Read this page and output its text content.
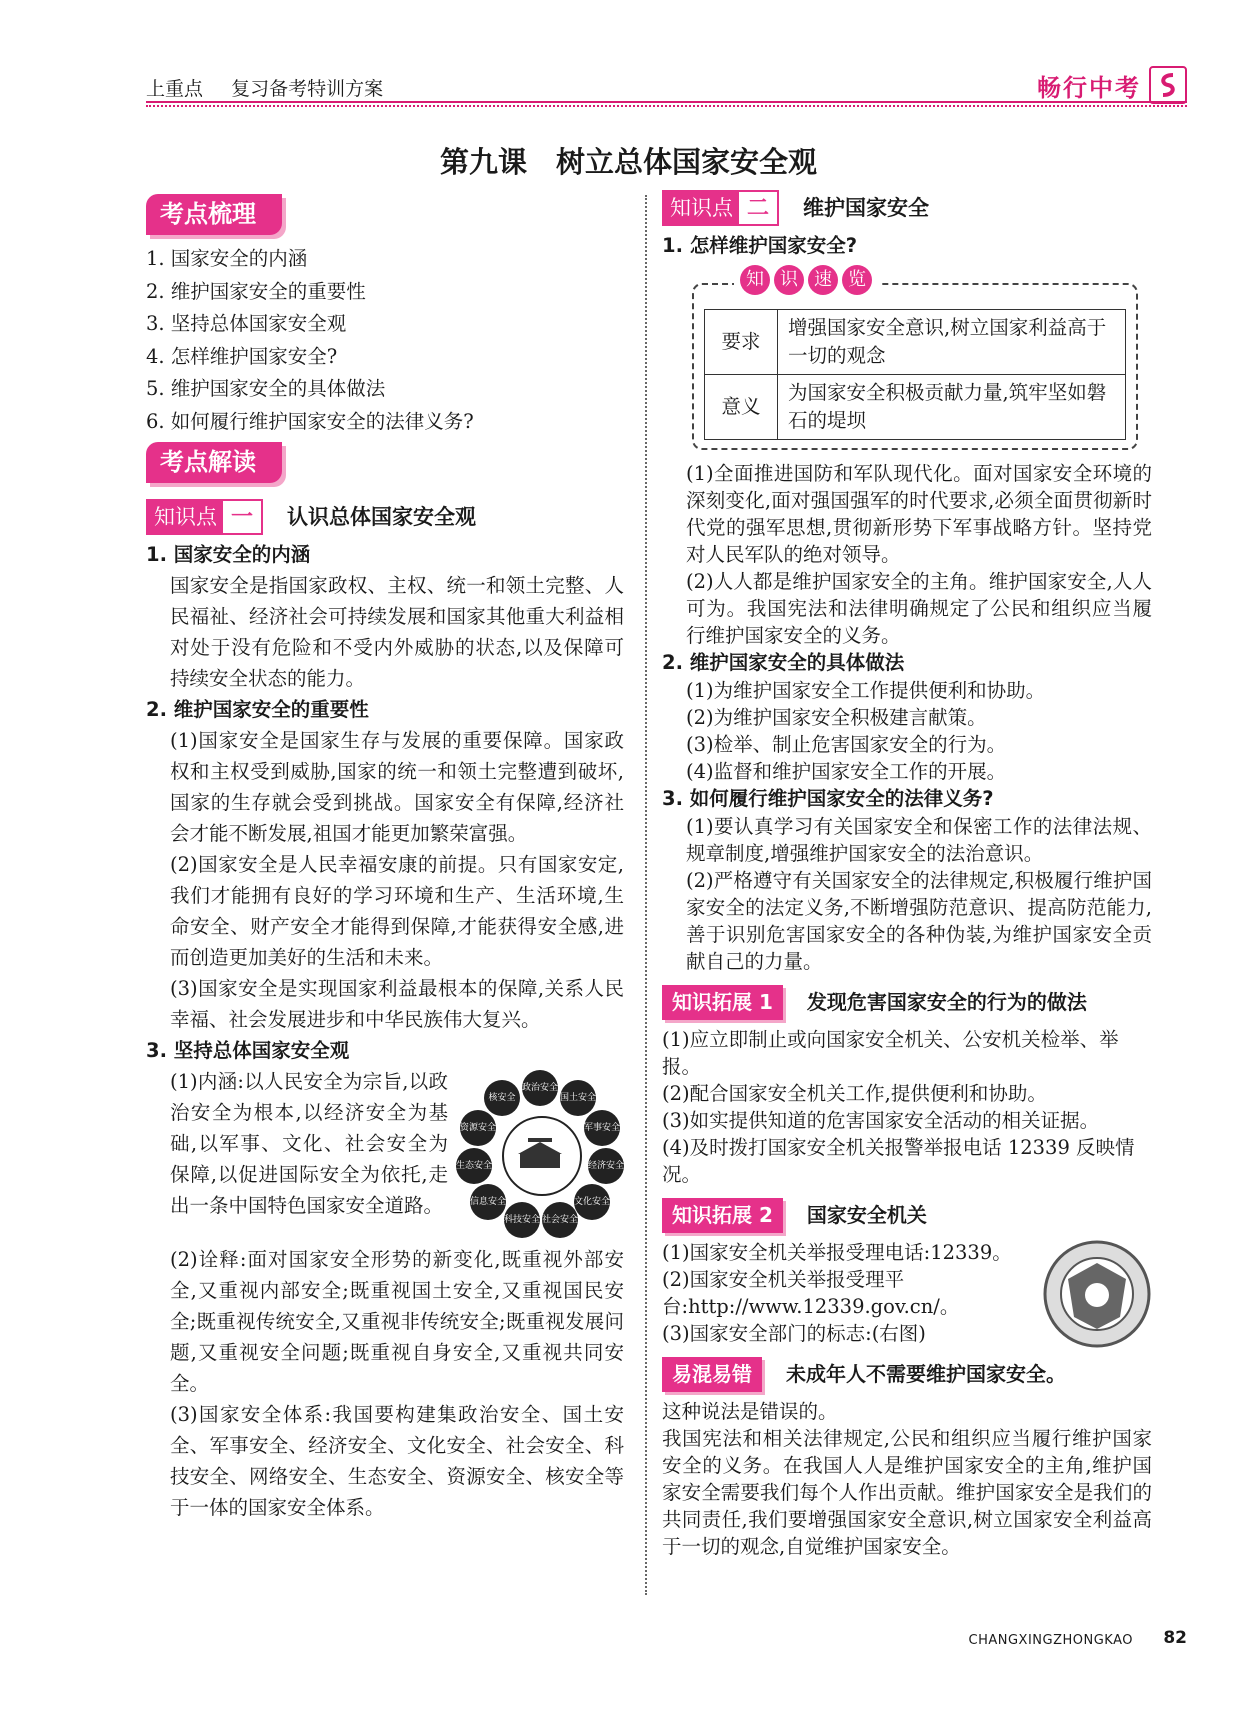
上重点 复习备考特训方案	畅行中考
第九课　树立总体国家安全观
考点梳理
1. 国家安全的内涵
2. 维护国家安全的重要性
3. 坚持总体国家安全观
4. 怎样维护国家安全?
5. 维护国家安全的具体做法
6. 如何履行维护国家安全的法律义务?
考点解读
知识点 一	认识总体国家安全观
1. 国家安全的内涵
国家安全是指国家政权、主权、统一和领土完整、人民福祉、经济社会可持续发展和国家其他重大利益相对处于没有危险和不受内外威胁的状态,以及保障可持续安全状态的能力。
2. 维护国家安全的重要性
(1)国家安全是国家生存与发展的重要保障。国家政权和主权受到威胁,国家的统一和领土完整遭到破坏,国家的生存就会受到挑战。国家安全有保障,经济社会才能不断发展,祖国才能更加繁荣富强。
(2)国家安全是人民幸福安康的前提。只有国家安定,我们才能拥有良好的学习环境和生产、生活环境,生命安全、财产安全才能得到保障,才能获得安全感,进而创造更加美好的生活和未来。
(3)国家安全是实现国家利益最根本的保障,关系人民幸福、社会发展进步和中华民族伟大复兴。
3. 坚持总体国家安全观
政治安全
国土安全
军事安全
经济安全
文化安全
社会安全
科技安全
信息安全
生态安全
资源安全
核安全
(1)内涵:以人民安全为宗旨,以政治安全为根本,以经济安全为基础,以军事、文化、社会安全为保障,以促进国际安全为依托,走出一条中国特色国家安全道路。
(2)诠释:面对国家安全形势的新变化,既重视外部安全,又重视内部安全;既重视国土安全,又重视国民安全;既重视传统安全,又重视非传统安全;既重视发展问题,又重视安全问题;既重视自身安全,又重视共同安全。
(3)国家安全体系:我国要构建集政治安全、国土安全、军事安全、经济安全、文化安全、社会安全、科技安全、网络安全、生态安全、资源安全、核安全等于一体的国家安全体系。
知识点 二	维护国家安全
1. 怎样维护国家安全?
知 识 速 览
要求	增强国家安全意识,树立国家利益高于一切的观念
意义	为国家安全积极贡献力量,筑牢坚如磐石的堤坝
(1)全面推进国防和军队现代化。面对国家安全环境的深刻变化,面对强国强军的时代要求,必须全面贯彻新时代党的强军思想,贯彻新形势下军事战略方针。坚持党对人民军队的绝对领导。
(2)人人都是维护国家安全的主角。维护国家安全,人人可为。我国宪法和法律明确规定了公民和组织应当履行维护国家安全的义务。
2. 维护国家安全的具体做法
(1)为维护国家安全工作提供便利和协助。
(2)为维护国家安全积极建言献策。
(3)检举、制止危害国家安全的行为。
(4)监督和维护国家安全工作的开展。
3. 如何履行维护国家安全的法律义务?
(1)要认真学习有关国家安全和保密工作的法律法规、规章制度,增强维护国家安全的法治意识。
(2)严格遵守有关国家安全的法律规定,积极履行维护国家安全的法定义务,不断增强防范意识、提高防范能力,善于识别危害国家安全的各种伪装,为维护国家安全贡献自己的力量。
知识拓展 1	发现危害国家安全的行为的做法
(1)应立即制止或向国家安全机关、公安机关检举、举报。
(2)配合国家安全机关工作,提供便利和协助。
(3)如实提供知道的危害国家安全活动的相关证据。
(4)及时拨打国家安全机关报警举报电话 12339 反映情况。
知识拓展 2	国家安全机关
(1)国家安全机关举报受理电话:12339。
(2)国家安全机关举报受理平台:http://www.12339.gov.cn/。
(3)国家安全部门的标志:(右图)
易混易错	未成年人不需要维护国家安全。
这种说法是错误的。
我国宪法和相关法律规定,公民和组织应当履行维护国家安全的义务。在我国人人是维护国家安全的主角,维护国家安全需要我们每个人作出贡献。维护国家安全是我们的共同责任,我们要增强国家安全意识,树立国家安全利益高于一切的观念,自觉维护国家安全。
CHANGXINGZHONGKAO 82
